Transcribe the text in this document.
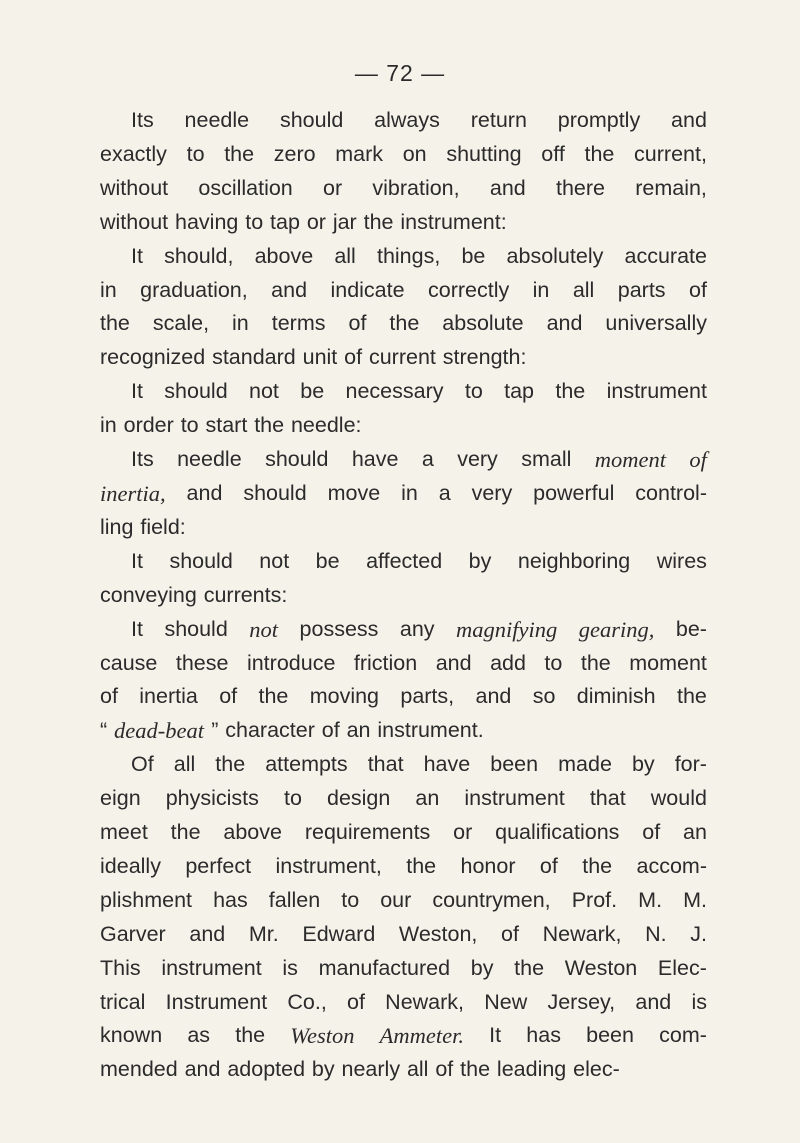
— 72 —
Its needle should always return promptly and
exactly to the zero mark on shutting off the current,
without oscillation or vibration, and there remain,
without having to tap or jar the instrument:
It should, above all things, be absolutely accurate
in graduation, and indicate correctly in all parts of
the scale, in terms of the absolute and universally
recognized standard unit of current strength:
It should not be necessary to tap the instrument
in order to start the needle:
Its needle should have a very small moment of
inertia, and should move in a very powerful control-
ling field:
It should not be affected by neighboring wires
conveying currents:
It should not possess any magnifying gearing, be-
cause these introduce friction and add to the moment
of inertia of the moving parts, and so diminish the
“ dead-beat ” character of an instrument.
Of all the attempts that have been made by for-
eign physicists to design an instrument that would
meet the above requirements or qualifications of an
ideally perfect instrument, the honor of the accom-
plishment has fallen to our countrymen, Prof. M. M.
Garver and Mr. Edward Weston, of Newark, N. J.
This instrument is manufactured by the Weston Elec-
trical Instrument Co., of Newark, New Jersey, and is
known as the Weston Ammeter. It has been com-
mended and adopted by nearly all of the leading elec-
